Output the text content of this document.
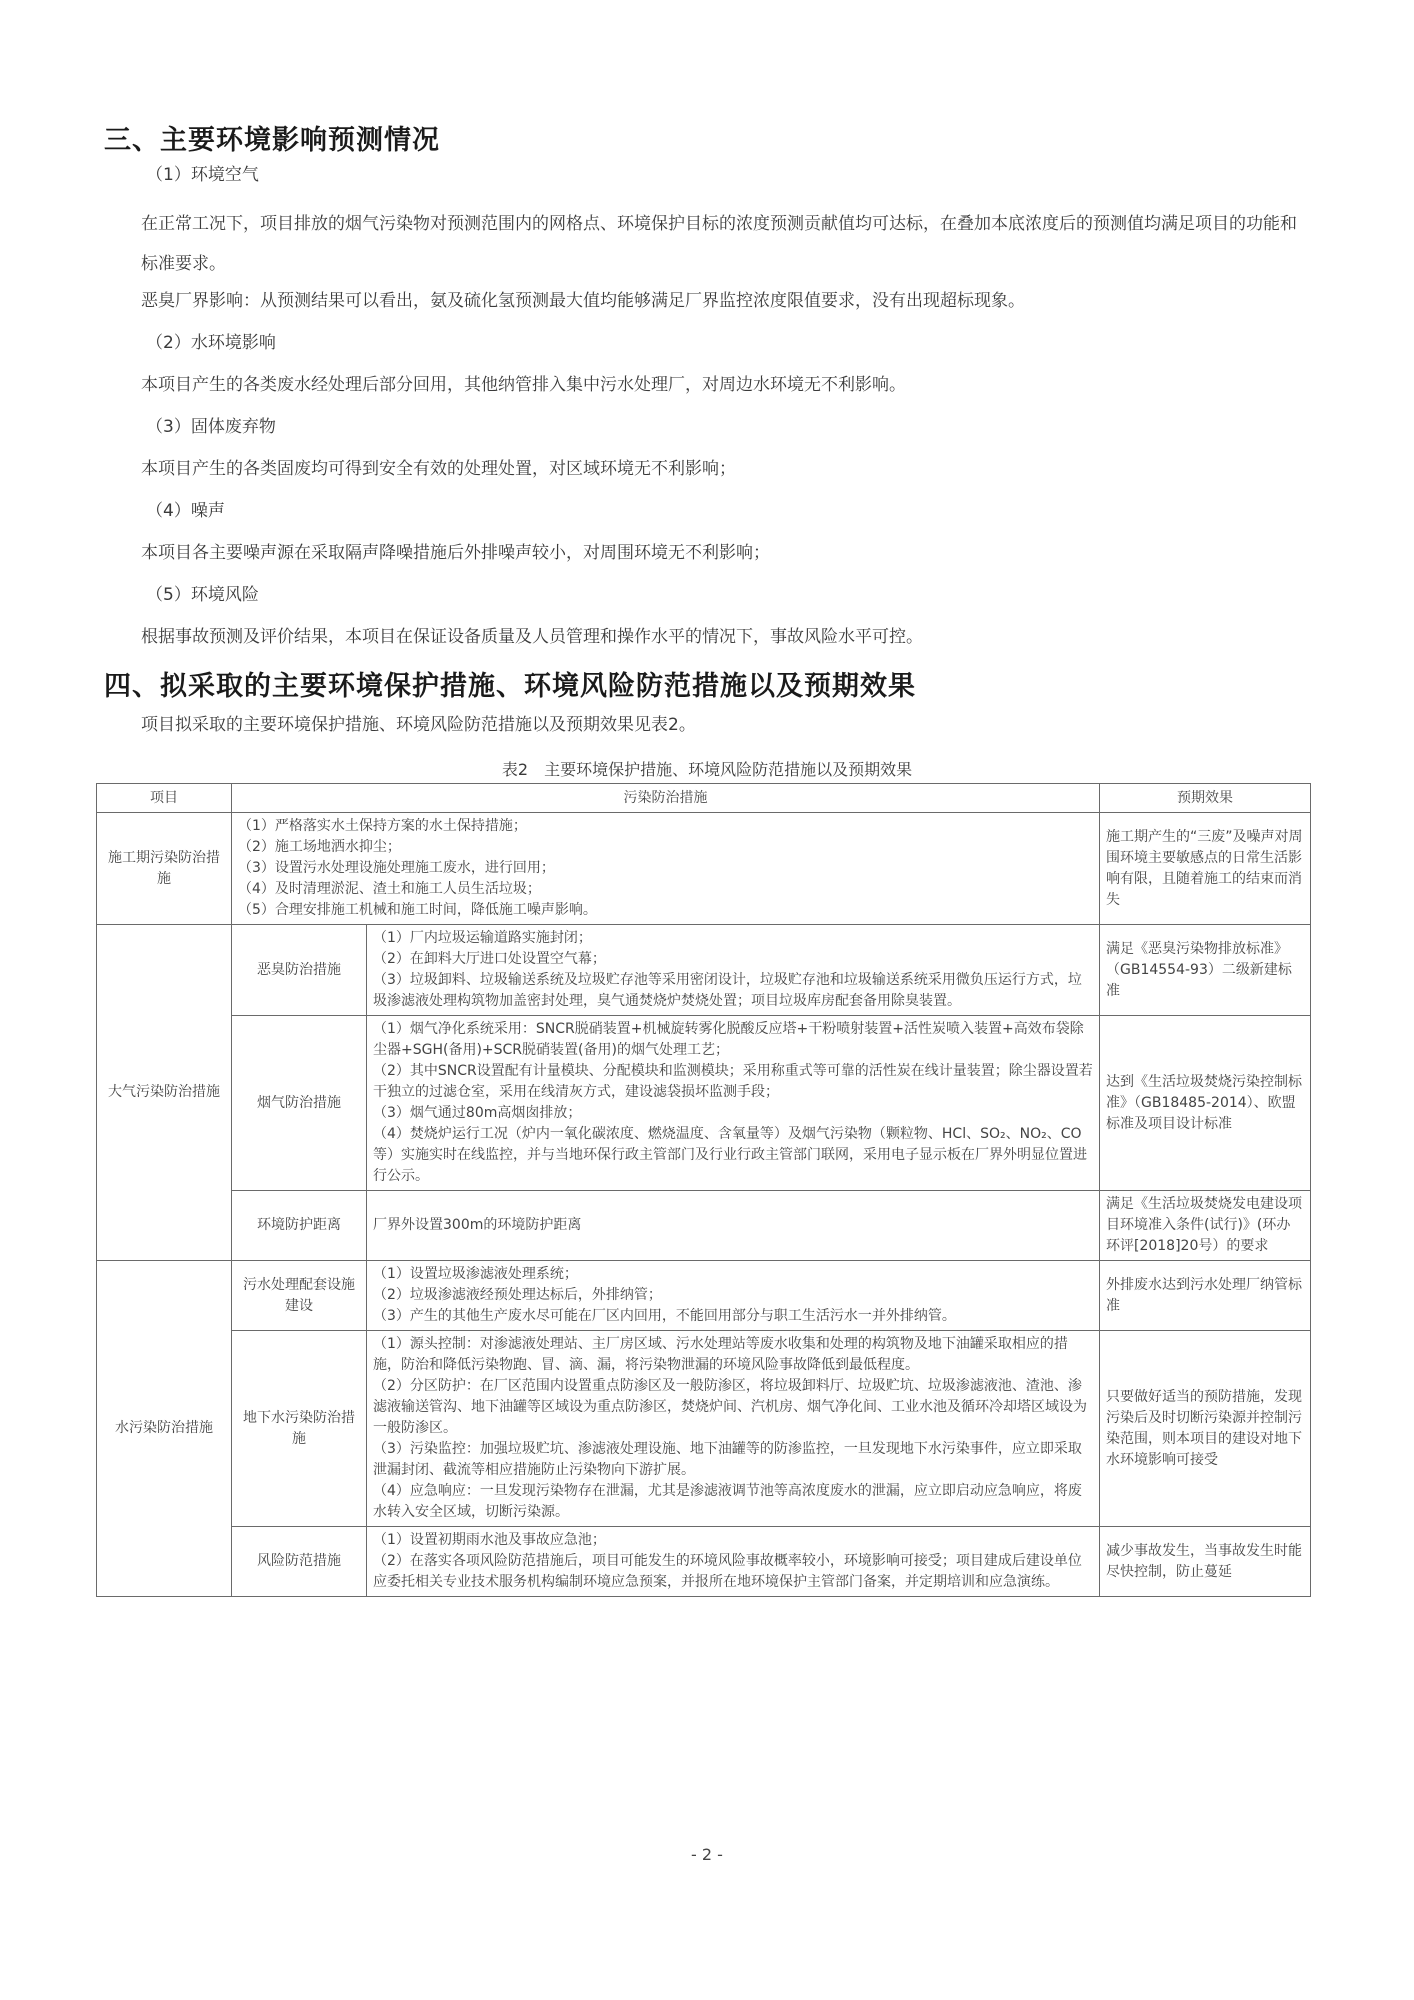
三、主要环境影响预测情况

（1）环境空气

在正常工况下，项目排放的烟气污染物对预测范围内的网格点、环境保护目标的浓度预测贡献值均可达标，在叠加本底浓度后的预测值均满足项目的功能和标准要求。

恶臭厂界影响：从预测结果可以看出，氨及硫化氢预测最大值均能够满足厂界监控浓度限值要求，没有出现超标现象。

（2）水环境影响

本项目产生的各类废水经处理后部分回用，其他纳管排入集中污水处理厂，对周边水环境无不利影响。

（3）固体废弃物

本项目产生的各类固废均可得到安全有效的处理处置，对区域环境无不利影响；

（4）噪声

本项目各主要噪声源在采取隔声降噪措施后外排噪声较小，对周围环境无不利影响；

（5）环境风险

根据事故预测及评价结果，本项目在保证设备质量及人员管理和操作水平的情况下，事故风险水平可控。

四、拟采取的主要环境保护措施、环境风险防范措施以及预期效果

项目拟采取的主要环境保护措施、环境风险防范措施以及预期效果见表2。

表2　主要环境保护措施、环境风险防范措施以及预期效果
项目	污染防治措施		预期效果
施工期污染防治措施	（1）严格落实水土保持方案的水土保持措施；
（2）施工场地洒水抑尘；
（3）设置污水处理设施处理施工废水，进行回用；
（4）及时清理淤泥、渣土和施工人员生活垃圾；
（5）合理安排施工机械和施工时间，降低施工噪声影响。		施工期产生的“三废”及噪声对周围环境主要敏感点的日常生活影响有限，且随着施工的结束而消失
大气污染防治措施	恶臭防治措施	（1）厂内垃圾运输道路实施封闭；
（2）在卸料大厅进口处设置空气幕；
（3）垃圾卸料、垃圾输送系统及垃圾贮存池等采用密闭设计，垃圾贮存池和垃圾输送系统采用微负压运行方式，垃圾渗滤液处理构筑物加盖密封处理，臭气通焚烧炉焚烧处置；项目垃圾库房配套备用除臭装置。	满足《恶臭污染物排放标准》（GB14554-93）二级新建标准
	烟气防治措施	（1）烟气净化系统采用：SNCR脱硝装置+机械旋转雾化脱酸反应塔+干粉喷射装置+活性炭喷入装置+高效布袋除尘器+SGH(备用)+SCR脱硝装置(备用)的烟气处理工艺；
（2）其中SNCR设置配有计量模块、分配模块和监测模块；采用称重式等可靠的活性炭在线计量装置；除尘器设置若干独立的过滤仓室，采用在线清灰方式，建设滤袋损坏监测手段；
（3）烟气通过80m高烟囱排放；
（4）焚烧炉运行工况（炉内一氧化碳浓度、燃烧温度、含氧量等）及烟气污染物（颗粒物、HCl、SO₂、NO₂、CO等）实施实时在线监控，并与当地环保行政主管部门及行业行政主管部门联网，采用电子显示板在厂界外明显位置进行公示。	达到《生活垃圾焚烧污染控制标准》（GB18485-2014）、欧盟标准及项目设计标准
	环境防护距离	厂界外设置300m的环境防护距离	满足《生活垃圾焚烧发电建设项目环境准入条件(试行)》(环办环评[2018]20号）的要求
水污染防治措施	污水处理配套设施建设	（1）设置垃圾渗滤液处理系统；
（2）垃圾渗滤液经预处理达标后，外排纳管；
（3）产生的其他生产废水尽可能在厂区内回用，不能回用部分与职工生活污水一并外排纳管。	外排废水达到污水处理厂纳管标准
	地下水污染防治措施	（1）源头控制：对渗滤液处理站、主厂房区域、污水处理站等废水收集和处理的构筑物及地下油罐采取相应的措施，防治和降低污染物跑、冒、滴、漏，将污染物泄漏的环境风险事故降低到最低程度。
（2）分区防护：在厂区范围内设置重点防渗区及一般防渗区，将垃圾卸料厅、垃圾贮坑、垃圾渗滤液池、渣池、渗滤液输送管沟、地下油罐等区域设为重点防渗区，焚烧炉间、汽机房、烟气净化间、工业水池及循环冷却塔区域设为一般防渗区。
（3）污染监控：加强垃圾贮坑、渗滤液处理设施、地下油罐等的防渗监控，一旦发现地下水污染事件，应立即采取泄漏封闭、截流等相应措施防止污染物向下游扩展。
（4）应急响应：一旦发现污染物存在泄漏，尤其是渗滤液调节池等高浓度废水的泄漏，应立即启动应急响应，将废水转入安全区域，切断污染源。	只要做好适当的预防措施，发现污染后及时切断污染源并控制污染范围，则本项目的建设对地下水环境影响可接受
	风险防范措施	（1）设置初期雨水池及事故应急池；
（2）在落实各项风险防范措施后，项目可能发生的环境风险事故概率较小，环境影响可接受；项目建成后建设单位应委托相关专业技术服务机构编制环境应急预案，并报所在地环境保护主管部门备案，并定期培训和应急演练。	减少事故发生，当事故发生时能尽快控制，防止蔓延
- 2 -
